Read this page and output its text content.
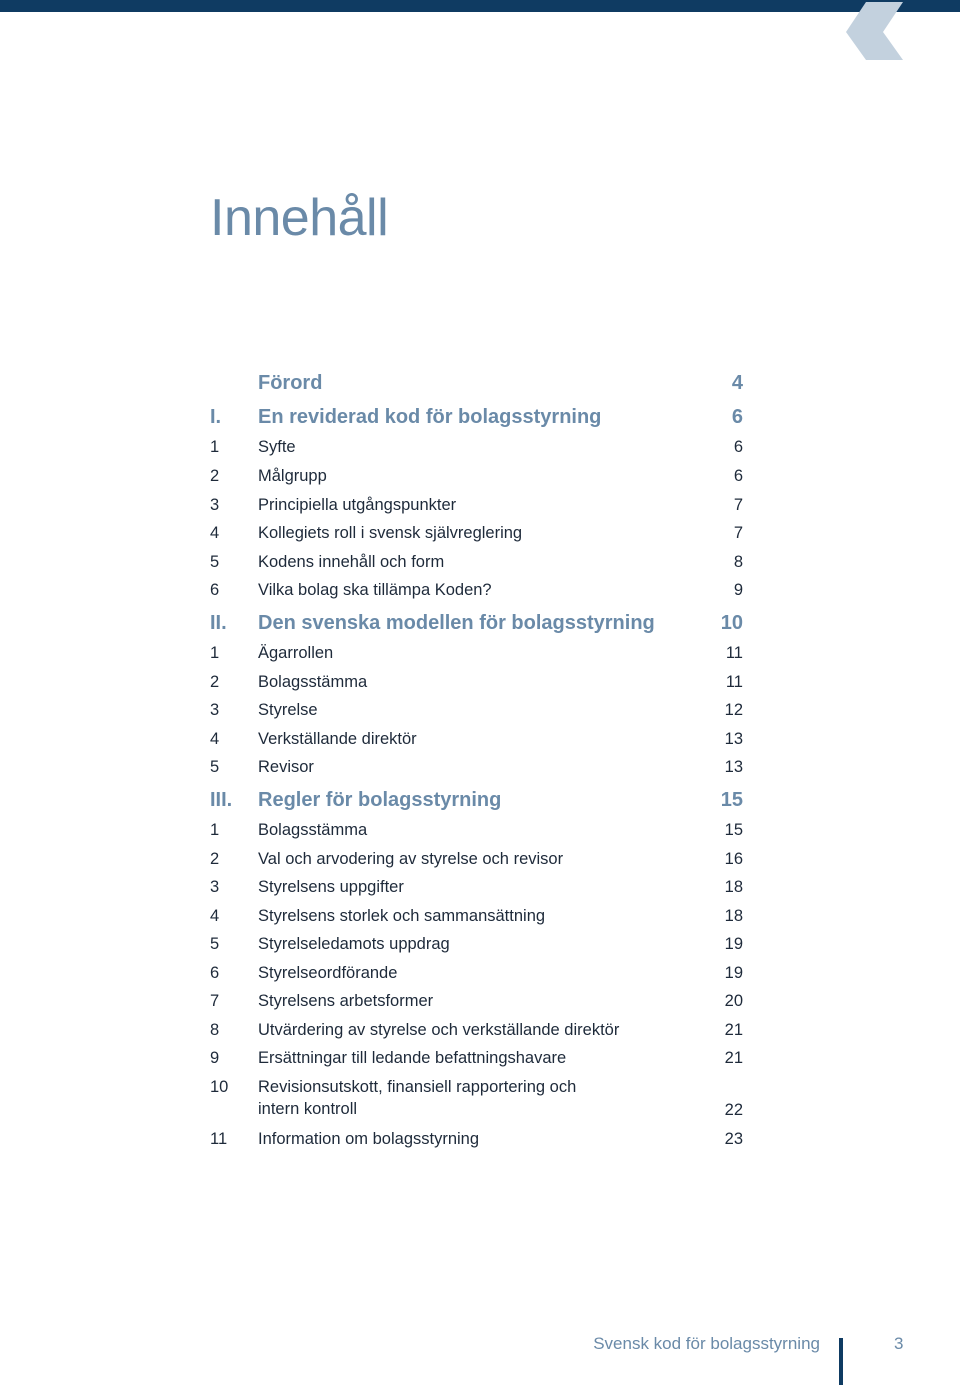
Innehåll
Förord	4
I. En reviderad kod för bolagsstyrning	6
1 Syfte	6
2 Målgrupp	6
3 Principiella utgångspunkter	7
4 Kollegiets roll i svensk självreglering	7
5 Kodens innehåll och form	8
6 Vilka bolag ska tillämpa Koden?	9
II. Den svenska modellen för bolagsstyrning	10
1 Ägarrollen	11
2 Bolagsstämma	11
3 Styrelse	12
4 Verkställande direktör	13
5 Revisor	13
III. Regler för bolagsstyrning	15
1 Bolagsstämma	15
2 Val och arvodering av styrelse och revisor	16
3 Styrelsens uppgifter	18
4 Styrelsens storlek och sammansättning	18
5 Styrelseledamots uppdrag	19
6 Styrelseordförande	19
7 Styrelsens arbetsformer	20
8 Utvärdering av styrelse och verkställande direktör	21
9 Ersättningar till ledande befattningshavare	21
10 Revisionsutskott, finansiell rapportering och
intern kontroll	22
11 Information om bolagsstyrning	23
Svensk kod för bolagsstyrning	3
